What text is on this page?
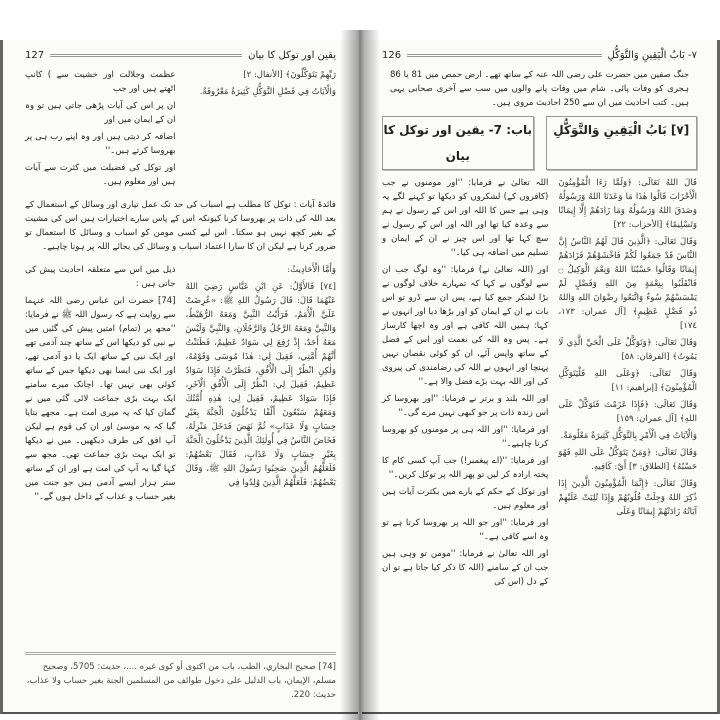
127	یقین اور توکل کا بیان

عظمت وجلالت اور خشیت سے ) کانپ اٹھتے ہیں اور جب

ان پر اس کی آیات پڑھی جاتی ہیں تو وہ ان کے ایمان میں اور

اضافہ کر دیتی ہیں اور وہ اپنے رب ہی پر بھروسا کرتے ہیں۔''

اور توکل کی فضیلت میں کثرت سے آیات ہیں اور معلوم ہیں۔

رَبِّهِمْ يَتَوَكَّلُونَ﴾ [الأنفال: ٢]

وَالْآيَاتُ فِي فَضْلِ التَّوَكُّلِ كَثِيرَةٌ مَعْرُوفَةٌ.

فائدۂ آیات : توکل کا مطلب ہے اسباب کی حد تک عمل تیاری اور وسائل کے استعمال کے بعد اللہ کی ذات پر بھروسا کرنا کیونکہ اس کے پاس سارے اختیارات ہیں اس کی مشیت کے بغیر کچھ نہیں ہو سکتا۔ اس لیے کسی مومن کو اسباب و وسائل کا استعمال تو ضرور کرنا ہے لیکن ان کا سارا اعتماد اسباب و وسائل کی بجائے اللہ پر ہونا چاہیے۔

ذیل میں اس سے متعلقہ احادیث پیش کی جاتی ہیں :

[74] حضرت ابن عباس رضی اللہ عنہما سے روایت ہے کہ رسول اللہ ﷺ نے فرمایا: ''مجھ پر (تمام) امتیں پیش کی گئیں میں نے نبی کو دیکھا اس کے ساتھ چند آدمی تھے اور ایک نبی کے ساتھ ایک یا دو آدمی تھے، اور ایک نبی ایسا بھی دیکھا جس کے ساتھ کوئی بھی نہیں تھا۔ اچانک میرے سامنے ایک بہت بڑی جماعت لائی گئی میں نے گمان کیا کہ یہ میری امت ہے۔ مجھے بتایا گیا کہ یہ موسیٰ اور ان کی قوم ہے لیکن آپ افق کی طرف دیکھیں۔ میں نے دیکھا تو ایک بہت بڑی جماعت تھی۔ مجھ سے کہا گیا یہ آپ کی امت ہے اور ان کے ساتھ ستر ہزار ایسے آدمی ہیں جو جنت میں بغیر حساب و عذاب کے داخل ہوں گے۔''

وَأَمَّا الْأَحَادِيثُ:

[٧٤] فَالأَوَّلُ: عَنِ ابْنِ عَبَّاسٍ رَضِيَ اللهُ عَنْهُمَا قَالَ: قَالَ رَسُولُ اللهِ ﷺ: «عُرِضَتْ عَلَيَّ الْأُمَمُ، فَرَأَيْتُ النَّبِيَّ وَمَعَهُ الرُّهَيْطُ، وَالنَّبِيَّ وَمَعَهُ الرَّجُلُ وَالرَّجُلَانِ، وَالنَّبِيَّ وَلَيْسَ مَعَهُ أَحَدٌ، إِذْ رُفِعَ لِي سَوَادٌ عَظِيمٌ، فَظَنَنْتُ أَنَّهُمْ أُمَّتِي، فَقِيلَ لِي: هٰذَا مُوسَى وَقَوْمُهُ، وَلٰكِنِ انْظُرْ إِلَى الْأُفُقِ، فَنَظَرْتُ فَإِذَا سَوَادٌ عَظِيمٌ، فَقِيلَ لِي: انْظُرْ إِلَى الْأُفُقِ الْآخَرِ، فَإِذَا سَوَادٌ عَظِيمٌ، فَقِيلَ لِي: هٰذِهِ أُمَّتُكَ وَمَعَهُمْ سَبْعُونَ أَلْفًا يَدْخُلُونَ الْجَنَّةَ بِغَيْرِ حِسَابٍ وَلَا عَذَابٍ» ثُمَّ نَهَضَ فَدَخَلَ مَنْزِلَهُ، فَخَاضَ النَّاسُ فِي أُولٰئِكَ الَّذِينَ يَدْخُلُونَ الْجَنَّةَ بِغَيْرِ حِسَابٍ وَلَا عَذَابٍ، فَقَالَ بَعْضُهُمْ: فَلَعَلَّهُمُ الَّذِينَ صَحِبُوا رَسُولَ اللهِ ﷺ، وَقَالَ بَعْضُهُمْ: فَلَعَلَّهُمُ الَّذِينَ وُلِدُوا فِي

[74] صحيح البخاري، الطب، باب من اكتوى أو كوى غيره ....، حديث: 5705، وصحيح مسلم، الإيمان، باب الدليل على دخول طوائف من المسلمين الجنة بغير حساب ولا عذاب، حديث: 220.
126	٧- بَابُ الْيَقِينِ وَالتَّوَكُّلِ
جنگ صفین میں حضرت علی رضی اللہ عنہ کے ساتھ تھے۔ ارض حمص میں 81 یا 86 ہجری کو وفات پائی۔ شام میں وفات پانے والوں میں سب سے آخری صحابی یہی ہیں۔ کتب احادیث میں ان سے 250 احادیث مروی ہیں۔
باب: 7- یقین اور توکل کا بیان
[٧] بَابُ الْيَقِينِ وَالتَّوَكُّلِ

اللہ تعالیٰ نے فرمایا: ''اور مومنوں نے جب (کافروں کے) لشکروں کو دیکھا تو کہنے لگے یہ وہی ہے جس کا اللہ اور اس کے رسول نے ہم سے وعدہ کیا تھا اور اللہ اور اس کے رسول نے سچ کہا تھا اور اس چیز نے ان کے ایمان و تسلیم میں اضافہ ہی کیا۔''

اور (اللہ تعالیٰ نے) فرمایا: ''وہ لوگ جب ان سے لوگوں نے کہا کہ تمہارے خلاف لوگوں نے بڑا لشکر جمع کیا ہے، پس ان سے ڈرو تو اس بات نے ان کے ایمان کو اور بڑھا دیا اور انہوں نے کہا: ہمیں اللہ کافی ہے اور وہ اچھا کارساز ہے۔ پس وہ اللہ کی نعمت اور اس کے فضل کے ساتھ واپس آئے، ان کو کوئی نقصان نہیں پہنچا اور انہوں نے اللہ کی رضامندی کی پیروی کی اور اللہ بہت بڑے فضل والا ہے۔''

اور اللہ بلند و برتر نے فرمایا: ''اور بھروسا کر اس زندہ ذات پر جو کبھی نہیں مرے گی۔''

اور فرمایا: ''اور اللہ ہی پر مومنوں کو بھروسا کرنا چاہیے۔''

اور فرمایا: ''(اے پیغمبر!) جب آپ کسی کام کا پختہ ارادہ کر لیں تو پھر اللہ پر توکل کریں۔''

اور توکل کے حکم کے بارے میں بکثرت آیات ہیں اور معلوم ہیں۔

اور فرمایا: ''اور جو اللہ پر بھروسا کرتا ہے تو وہ اسے کافی ہے۔''

اور اللہ تعالیٰ نے فرمایا: ''مومن تو وہی ہیں جب ان کے سامنے (اللہ کا ذکر کیا جاتا ہے تو ان کے دل (اس کی

قَالَ اللهُ تَعَالَى: ﴿وَلَمَّا رَءَا الْمُؤْمِنُونَ الْأَحْزَابَ قَالُوا هٰذَا مَا وَعَدَنَا اللهُ وَرَسُولُهُ وَصَدَقَ اللهُ وَرَسُولُهُ وَمَا زَادَهُمْ إِلَّا إِيمَانًا وَتَسْلِيمًا﴾ [الأحزاب: ٢٢]

وَقَالَ تَعَالَى: ﴿الَّذِينَ قَالَ لَهُمُ النَّاسُ إِنَّ النَّاسَ قَدْ جَمَعُوا لَكُمْ فَاخْشَوْهُمْ فَزَادَهُمْ إِيمَانًا وَقَالُوا حَسْبُنَا اللهُ وَنِعْمَ الْوَكِيلُ ۝ فَانْقَلَبُوا بِنِعْمَةٍ مِنَ اللهِ وَفَضْلٍ لَمْ يَمْسَسْهُمْ سُوءٌ وَاتَّبَعُوا رِضْوَانَ اللهِ وَاللهُ ذُو فَضْلٍ عَظِيمٍ﴾ [آل عمران: ١٧٣، ١٧٤]

وَقَالَ تَعَالَى: ﴿وَتَوَكَّلْ عَلَى الْحَيِّ الَّذِي لَا يَمُوتُ﴾ [الفرقان: ٥٨]

وَقَالَ تَعَالَى: ﴿وَعَلَى اللهِ فَلْيَتَوَكَّلِ الْمُؤْمِنُونَ﴾ [إبراهيم: ١١]

وَقَالَ تَعَالَى: ﴿فَإِذَا عَزَمْتَ فَتَوَكَّلْ عَلَى اللهِ﴾ [آل عمران: ١٥٩]

وَالْآيَاتُ فِي الْأَمْرِ بِالتَّوَكُّلِ كَثِيرَةٌ مَعْلُومَةٌ.

وَقَالَ تَعَالَى: ﴿وَمَنْ يَتَوَكَّلْ عَلَى اللهِ فَهُوَ حَسْبُهُ﴾ [الطلاق: ٣] أَيْ: كَافِيهِ.

وَقَالَ تَعَالَى: ﴿إِنَّمَا الْمُؤْمِنُونَ الَّذِينَ إِذَا ذُكِرَ اللهُ وَجِلَتْ قُلُوبُهُمْ وَإِذَا تُلِيَتْ عَلَيْهِمْ آيَاتُهُ زَادَتْهُمْ إِيمَانًا وَعَلَى
